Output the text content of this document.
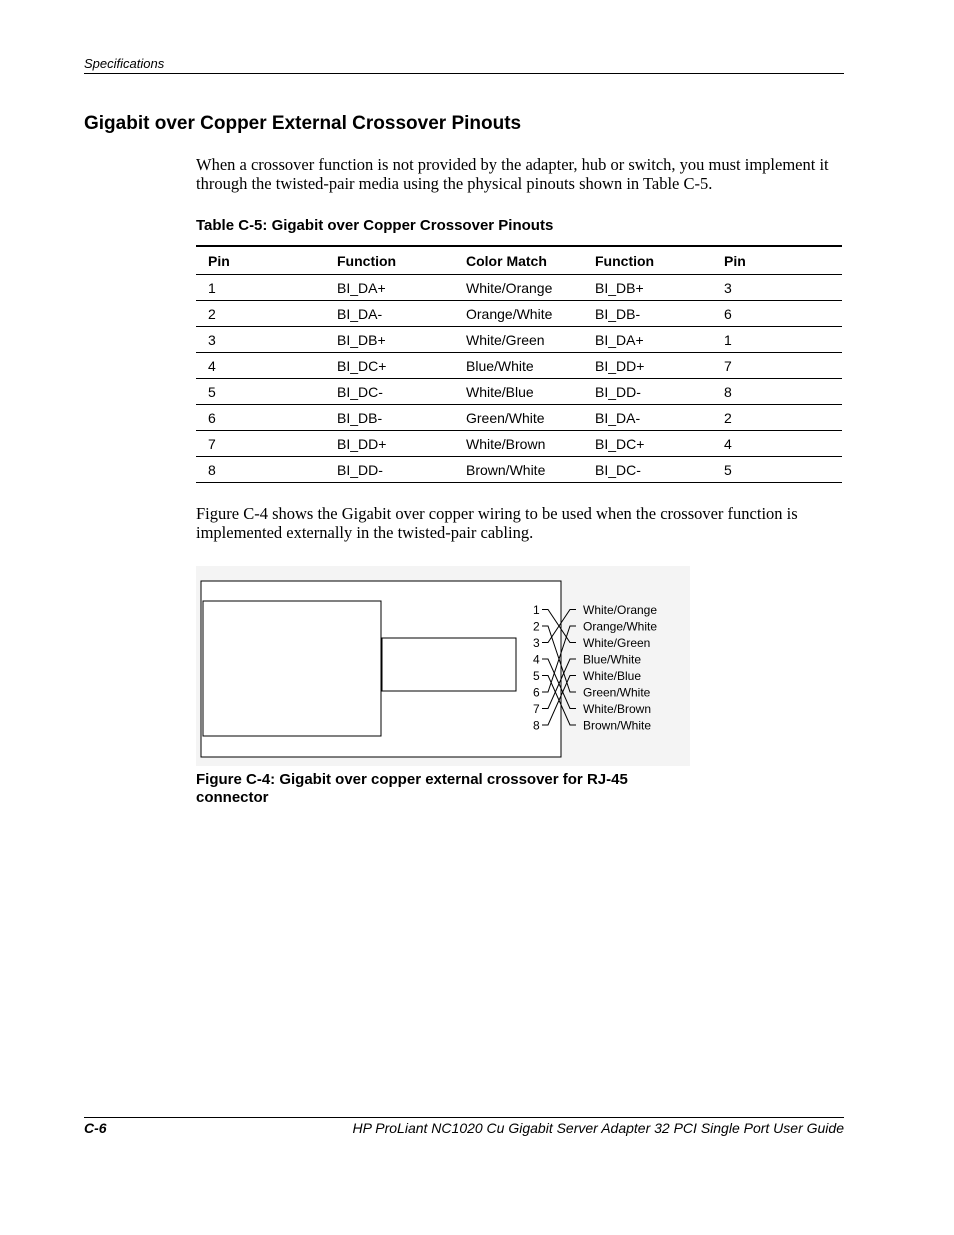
Specifications
Gigabit over Copper External Crossover Pinouts

When a crossover function is not provided by the adapter, hub or switch, you must implement it through the twisted-pair media using the physical pinouts shown in Table C-5.

Table C-5: Gigabit over Copper Crossover Pinouts

Pin	Function	Color Match	Function	Pin
1	BI_DA+	White/Orange	BI_DB+	3
2	BI_DA-	Orange/White	BI_DB-	6
3	BI_DB+	White/Green	BI_DA+	1
4	BI_DC+	Blue/White	BI_DD+	7
5	BI_DC-	White/Blue	BI_DD-	8
6	BI_DB-	Green/White	BI_DA-	2
7	BI_DD+	White/Brown	BI_DC+	4
8	BI_DD-	Brown/White	BI_DC-	5

Figure C-4 shows the Gigabit over copper wiring to be used when the crossover function is implemented externally in the twisted-pair cabling.

1
2
3
4
5
6
7
8
White/Orange
Orange/White
White/Green
Blue/White
White/Blue
Green/White
White/Brown
Brown/White

Figure C-4: Gigabit over copper external crossover for RJ-45 connector

C-6	HP ProLiant NC1020 Cu Gigabit Server Adapter 32 PCI Single Port User Guide
